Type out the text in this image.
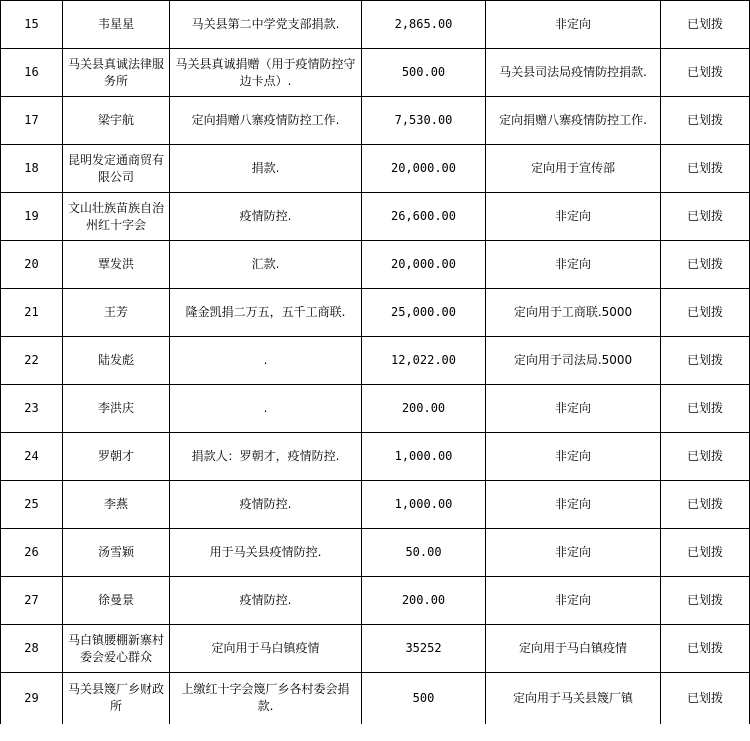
15	韦星星	马关县第二中学党支部捐款.	2,865.00	非定向	已划拨
16	马关县真诚法律服务所	马关县真诚捐赠（用于疫情防控守边卡点）.	500.00	马关县司法局疫情防控捐款.	已划拨
17	梁宇航	定向捐赠八寨疫情防控工作.	7,530.00	定向捐赠八寨疫情防控工作.	已划拨
18	昆明发定通商贸有限公司	捐款.	20,000.00	定向用于宣传部	已划拨
19	文山壮族苗族自治州红十字会	疫情防控.	26,600.00	非定向	已划拨
20	覃发洪	汇款.	20,000.00	非定向	已划拨
21	王芳	隆金凯捐二万五，五千工商联.	25,000.00	定向用于工商联.5000	已划拨
22	陆发彪	.	12,022.00	定向用于司法局.5000	已划拨
23	李洪庆	.	200.00	非定向	已划拨
24	罗朝才	捐款人：罗朝才，疫情防控.	1,000.00	非定向	已划拨
25	李燕	疫情防控.	1,000.00	非定向	已划拨
26	汤雪颖	用于马关县疫情防控.	50.00	非定向	已划拨
27	徐曼景	疫情防控.	200.00	非定向	已划拨
28	马白镇腰棚新寨村委会爱心群众	定向用于马白镇疫情	35252	定向用于马白镇疫情	已划拨
29	马关县篾厂乡财政所	上缴红十字会篾厂乡各村委会捐款.	500	定向用于马关县篾厂镇	已划拨
